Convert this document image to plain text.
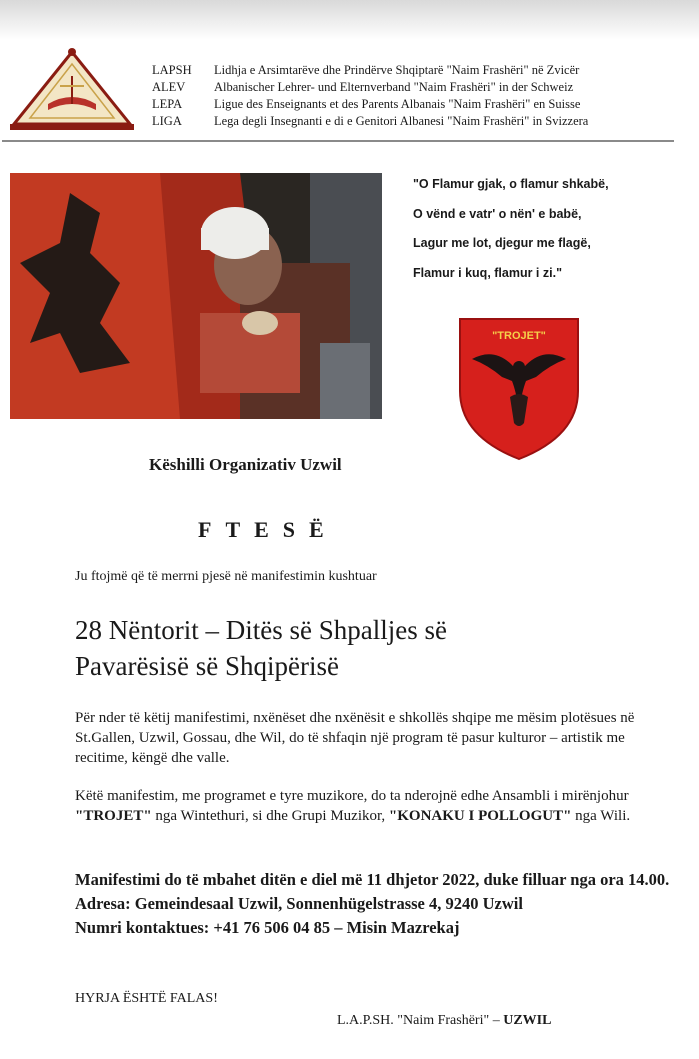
LAPSH	Lidhja e Arsimtarëve dhe Prindërve Shqiptarë "Naim Frashëri" në Zvicër
ALEV	Albanischer Lehrer- und Elternverband "Naim Frashëri" in der Schweiz
LEPA	Ligue des Enseignants et des Parents Albanais "Naim Frashëri" en Suisse
LIGA	Lega degli Insegnanti e di e Genitori Albanesi "Naim Frashëri" in Svizzera
"O Flamur gjak, o flamur shkabë,
O vënd e vatr' o nën' e babë,
Lagur me lot, djegur me flagë,
Flamur i kuq, flamur i zi."
"TROJET"
Këshilli Organizativ Uzwil
FTESË
Ju ftojmë që të merrni pjesë në manifestimin kushtuar
28 Nëntorit – Ditës së Shpalljes së
Pavarësisë së Shqipërisë
Për nder të këtij manifestimi, nxënëset dhe nxënësit e shkollës shqipe me mësim plotësues në St.Gallen, Uzwil, Gossau, dhe Wil, do të shfaqin një program të pasur kulturor – artistik me recitime, këngë dhe valle.
Këtë manifestim, me programet e tyre muzikore, do ta nderojnë edhe Ansambli i mirënjohur "TROJET" nga Wintethuri, si dhe Grupi Muzikor, "KONAKU I POLLOGUT" nga Wili.
Manifestimi do të mbahet ditën e diel më 11 dhjetor 2022, duke filluar nga ora 14.00.
Adresa: Gemeindesaal Uzwil, Sonnenhügelstrasse 4, 9240 Uzwil
Numri kontaktues: +41 76 506 04 85 – Misin Mazrekaj
HYRJA ËSHTË FALAS!
L.A.P.SH. "Naim Frashëri" – UZWIL
